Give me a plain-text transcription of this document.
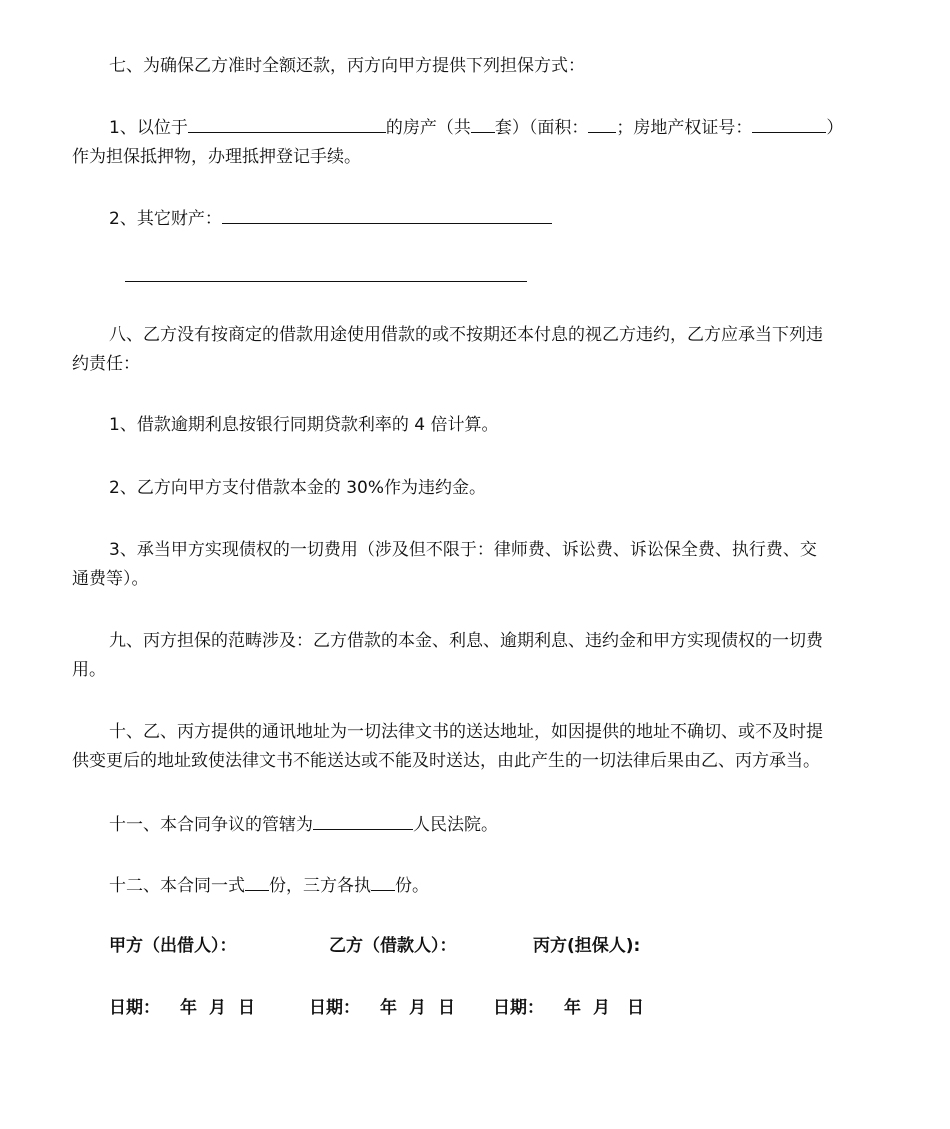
七、为确保乙方准时全额还款，丙方向甲方提供下列担保方式：
1、以位于	的房产（共 套）（面积： ；房地产权证号：	）
作为担保抵押物，办理抵押登记手续。
2、其它财产：
八、乙方没有按商定的借款用途使用借款的或不按期还本付息的视乙方违约，乙方应承当下列违
约责任：
1、借款逾期利息按银行同期贷款利率的 4 倍计算。
2、乙方向甲方支付借款本金的 30%作为违约金。
3、承当甲方实现债权的一切费用（涉及但不限于：律师费、诉讼费、诉讼保全费、执行费、交
通费等）。
九、丙方担保的范畴涉及：乙方借款的本金、利息、逾期利息、违约金和甲方实现债权的一切费
用。
十、乙、丙方提供的通讯地址为一切法律文书的送达地址，如因提供的地址不确切、或不及时提
供变更后的地址致使法律文书不能送达或不能及时送达，由此产生的一切法律后果由乙、丙方承当。
十一、本合同争议的管辖为	人民法院。
十二、本合同一式 份，三方各执 份。
甲方（出借人）：	乙方（借款人）：	丙方(担保人):
日期： 年 月 日	日期： 年 月 日 日期： 年 月 日
